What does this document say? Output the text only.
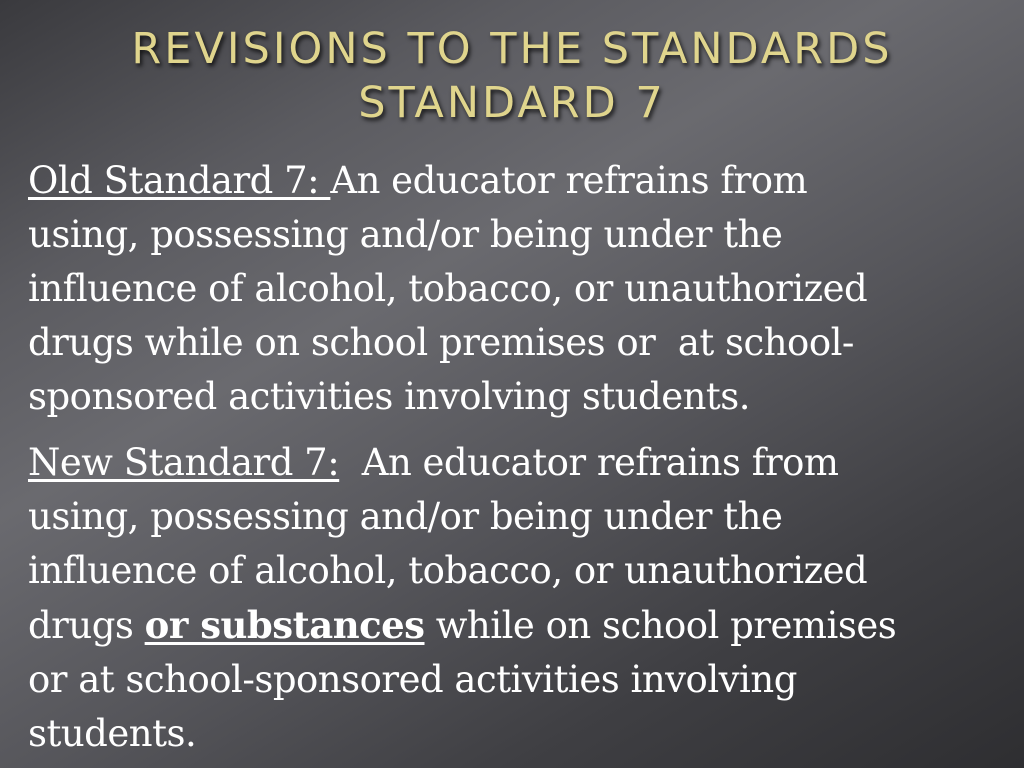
REVISIONS TO THE STANDARDS
STANDARD 7
Old Standard 7: An educator refrains from
using, possessing and/or being under the
influence of alcohol, tobacco, or unauthorized
drugs while on school premises or  at school-
sponsored activities involving students.
New Standard 7:  An educator refrains from
using, possessing and/or being under the
influence of alcohol, tobacco, or unauthorized
drugs or substances while on school premises
or at school-sponsored activities involving
students.
